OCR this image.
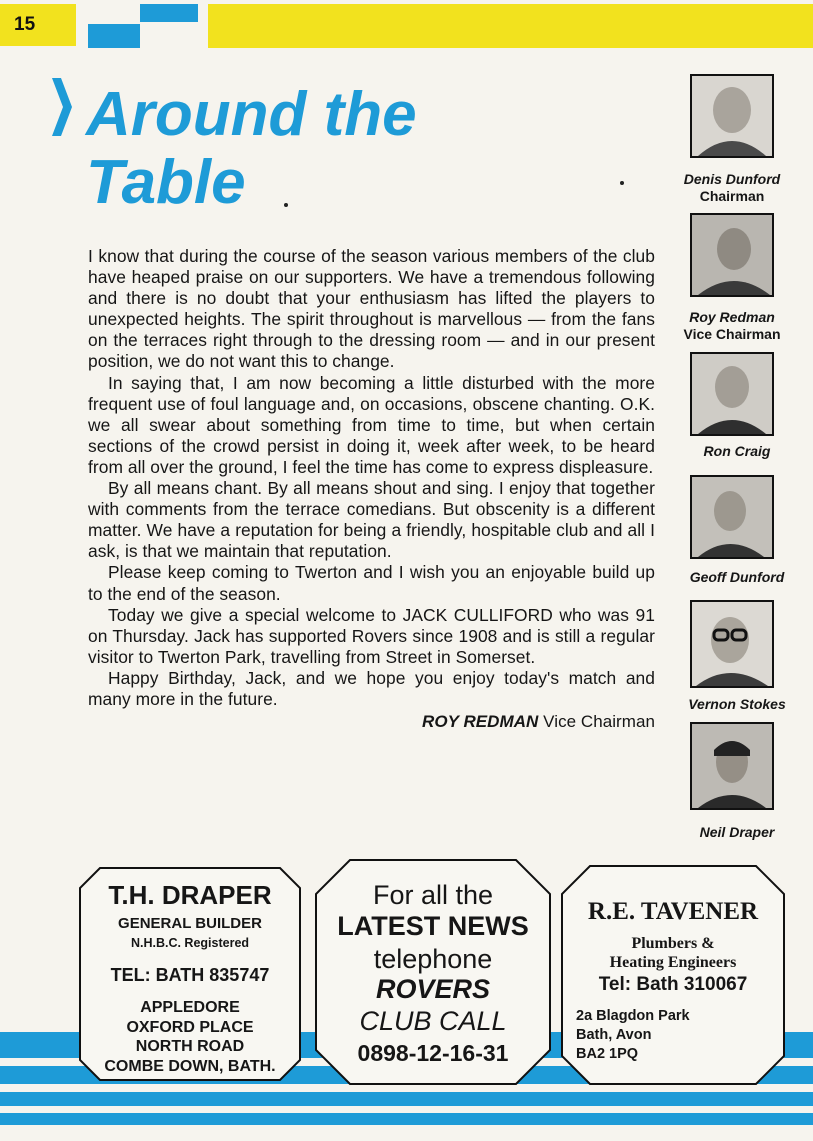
15
Around the
Table

I know that during the course of the season various members of the club have heaped praise on our supporters. We have a tremendous following and there is no doubt that your enthusiasm has lifted the players to unexpected heights. The spirit throughout is marvellous — from the fans on the terraces right through to the dressing room — and in our present position, we do not want this to change.

In saying that, I am now becoming a little disturbed with the more frequent use of foul language and, on occasions, obscene chanting. O.K. we all swear about something from time to time, but when certain sections of the crowd persist in doing it, week after week, to be heard from all over the ground, I feel the time has come to express displeasure.

By all means chant. By all means shout and sing. I enjoy that together with comments from the terrace comedians. But obscenity is a different matter. We have a reputation for being a friendly, hospitable club and all I ask, is that we maintain that reputation.

Please keep coming to Twerton and I wish you an enjoyable build up to the end of the season.

Today we give a special welcome to JACK CULLIFORD who was 91 on Thursday. Jack has supported Rovers since 1908 and is still a regular visitor to Twerton Park, travelling from Street in Somerset.

Happy Birthday, Jack, and we hope you enjoy today's match and many more in the future.

ROY REDMAN Vice Chairman
Denis Dunford
Chairman
Roy Redman
Vice Chairman
Ron Craig
Geoff Dunford
Vernon Stokes
Neil Draper
T.H. DRAPER
GENERAL BUILDER
N.H.B.C. Registered
TEL: BATH 835747
APPLEDORE
OXFORD PLACE
NORTH ROAD
COMBE DOWN, BATH.
For all the
LATEST NEWS
telephone
ROVERS
CLUB CALL
0898-12-16-31
R.E. TAVENER
Plumbers &
Heating Engineers
Tel: Bath 310067
2a Blagdon Park
Bath, Avon
BA2 1PQ
